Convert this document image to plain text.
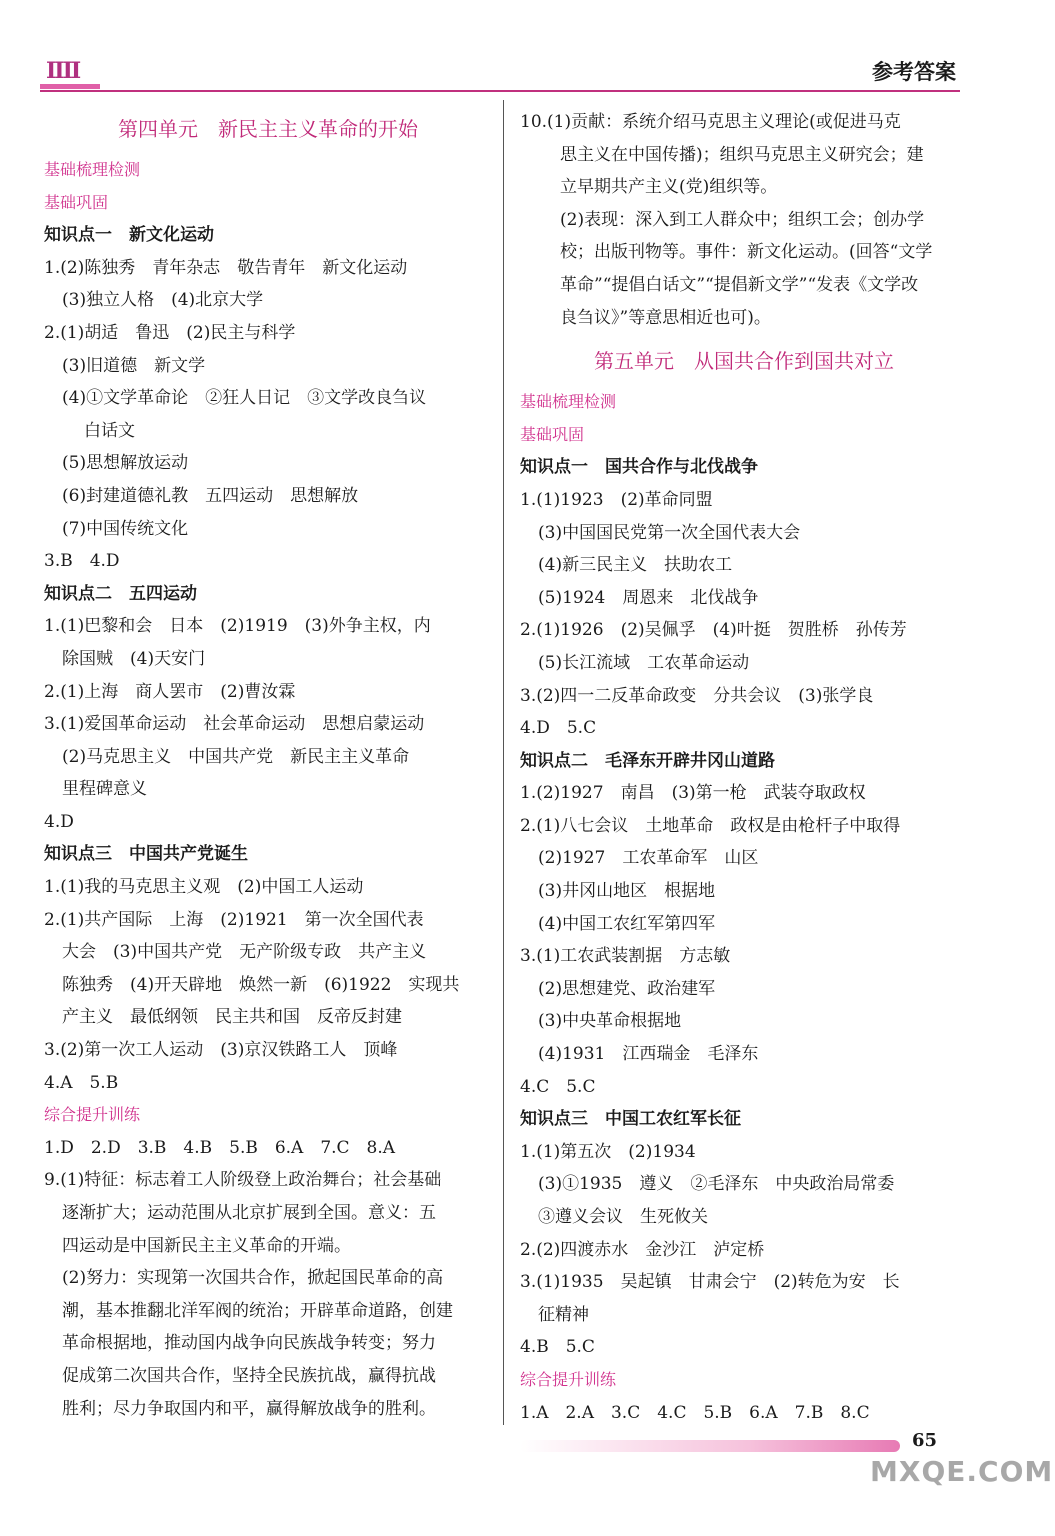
IIII	参考答案
第四单元　新民主主义革命的开始
基础梳理检测
基础巩固
知识点一　新文化运动
1.(2)陈独秀　青年杂志　敬告青年　新文化运动
(3)独立人格　(4)北京大学
2.(1)胡适　鲁迅　(2)民主与科学
(3)旧道德　新文学
(4)①文学革命论　②狂人日记　③文学改良刍议
白话文
(5)思想解放运动
(6)封建道德礼教　五四运动　思想解放
(7)中国传统文化
3.B　4.D
知识点二　五四运动
1.(1)巴黎和会　日本　(2)1919　(3)外争主权，内
除国贼　(4)天安门
2.(1)上海　商人罢市　(2)曹汝霖
3.(1)爱国革命运动　社会革命运动　思想启蒙运动
(2)马克思主义　中国共产党　新民主主义革命
里程碑意义
4.D
知识点三　中国共产党诞生
1.(1)我的马克思主义观　(2)中国工人运动
2.(1)共产国际　上海　(2)1921　第一次全国代表
大会　(3)中国共产党　无产阶级专政　共产主义
陈独秀　(4)开天辟地　焕然一新　(6)1922　实现共
产主义　最低纲领　民主共和国　反帝反封建
3.(2)第一次工人运动　(3)京汉铁路工人　顶峰
4.A　5.B
综合提升训练
1.D　2.D　3.B　4.B　5.B　6.A　7.C　8.A
9.(1)特征：标志着工人阶级登上政治舞台；社会基础
逐渐扩大；运动范围从北京扩展到全国。意义：五
四运动是中国新民主主义革命的开端。
(2)努力：实现第一次国共合作，掀起国民革命的高
潮，基本推翻北洋军阀的统治；开辟革命道路，创建
革命根据地，推动国内战争向民族战争转变；努力
促成第二次国共合作，坚持全民族抗战，赢得抗战
胜利；尽力争取国内和平，赢得解放战争的胜利。
10.(1)贡献：系统介绍马克思主义理论(或促进马克
思主义在中国传播)；组织马克思主义研究会；建
立早期共产主义(党)组织等。
(2)表现：深入到工人群众中；组织工会；创办学
校；出版刊物等。事件：新文化运动。(回答“文学
革命”“提倡白话文”“提倡新文学”“发表《文学改
良刍议》”等意思相近也可)。
第五单元　从国共合作到国共对立
基础梳理检测
基础巩固
知识点一　国共合作与北伐战争
1.(1)1923　(2)革命同盟
(3)中国国民党第一次全国代表大会
(4)新三民主义　扶助农工
(5)1924　周恩来　北伐战争
2.(1)1926　(2)吴佩孚　(4)叶挺　贺胜桥　孙传芳
(5)长江流域　工农革命运动
3.(2)四一二反革命政变　分共会议　(3)张学良
4.D　5.C
知识点二　毛泽东开辟井冈山道路
1.(2)1927　南昌　(3)第一枪　武装夺取政权
2.(1)八七会议　土地革命　政权是由枪杆子中取得
(2)1927　工农革命军　山区
(3)井冈山地区　根据地
(4)中国工农红军第四军
3.(1)工农武装割据　方志敏
(2)思想建党、政治建军
(3)中央革命根据地
(4)1931　江西瑞金　毛泽东
4.C　5.C
知识点三　中国工农红军长征
1.(1)第五次　(2)1934
(3)①1935　遵义　②毛泽东　中央政治局常委
③遵义会议　生死攸关
2.(2)四渡赤水　金沙江　泸定桥
3.(1)1935　吴起镇　甘肃会宁　(2)转危为安　长
征精神
4.B　5.C
综合提升训练
1.A　2.A　3.C　4.C　5.B　6.A　7.B　8.C
65
MXQE.COM
